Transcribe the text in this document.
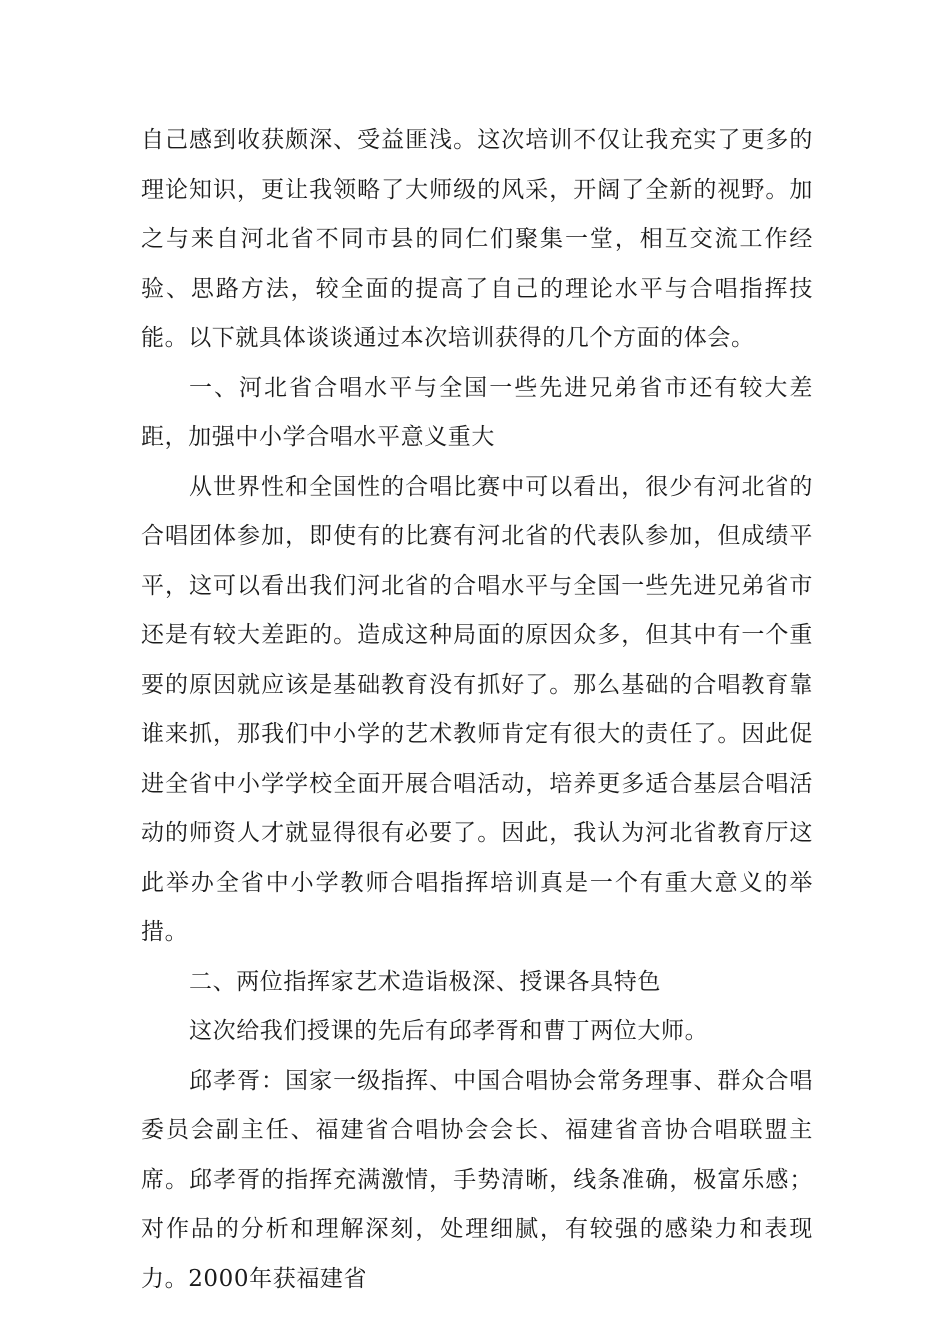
自己感到收获颇深、受益匪浅。这次培训不仅让我充实了更多的理论知识，更让我领略了大师级的风采，开阔了全新的视野。加之与来自河北省不同市县的同仁们聚集一堂，相互交流工作经验、思路方法，较全面的提高了自己的理论水平与合唱指挥技能。以下就具体谈谈通过本次培训获得的几个方面的体会。

一、河北省合唱水平与全国一些先进兄弟省市还有较大差距，加强中小学合唱水平意义重大

从世界性和全国性的合唱比赛中可以看出，很少有河北省的合唱团体参加，即使有的比赛有河北省的代表队参加，但成绩平平，这可以看出我们河北省的合唱水平与全国一些先进兄弟省市还是有较大差距的。造成这种局面的原因众多，但其中有一个重要的原因就应该是基础教育没有抓好了。那么基础的合唱教育靠谁来抓，那我们中小学的艺术教师肯定有很大的责任了。因此促进全省中小学学校全面开展合唱活动，培养更多适合基层合唱活动的师资人才就显得很有必要了。因此，我认为河北省教育厅这此举办全省中小学教师合唱指挥培训真是一个有重大意义的举措。

二、两位指挥家艺术造诣极深、授课各具特色

这次给我们授课的先后有邱孝胥和曹丁两位大师。

邱孝胥：国家一级指挥、中国合唱协会常务理事、群众合唱委员会副主任、福建省合唱协会会长、福建省音协合唱联盟主席。邱孝胥的指挥充满激情，手势清晰，线条准确，极富乐感；对作品的分析和理解深刻，处理细腻，有较强的感染力和表现力。2000年获福建省
